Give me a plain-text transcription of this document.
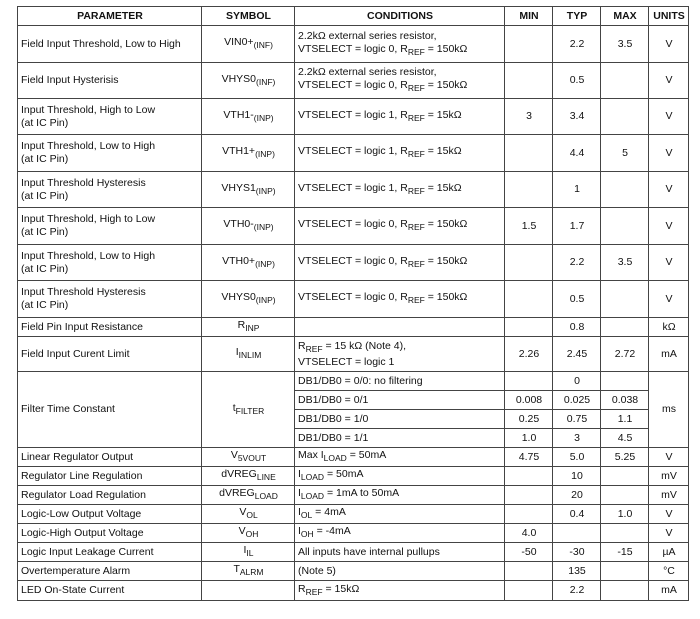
PARAMETER	SYMBOL	CONDITIONS	MIN	TYP	MAX	UNITS
Field Input Threshold, Low to High	$VIN0+_{(INF)}$	2.2kΩ external series resistor,
VTSELECT = logic 0, $R_{REF} = 150k\Omega$		2.2	3.5	V
Field Input Hysterisis	$VHYS0_{(INF)}$	2.2kΩ external series resistor,
VTSELECT = logic 0, $R_{REF} = 150k\Omega$		0.5		V

Input Threshold, High to Low
(at IC Pin)	$VTH1-_{(INP)}$	VTSELECT = logic 1, $R_{REF} = 15k\Omega$	3	3.4		V

Input Threshold, Low to High
(at IC Pin)	$VTH1+_{(INP)}$	VTSELECT = logic 1, $R_{REF} = 15k\Omega$		4.4	5	V

Input Threshold Hysteresis
(at IC Pin)	$VHYS1_{(INP)}$	VTSELECT = logic 1, $R_{REF} = 15k\Omega$		1		V

Input Threshold, High to Low
(at IC Pin)	$VTH0-_{(INP)}$	VTSELECT = logic 0, $R_{REF} = 150k\Omega$	1.5	1.7		V

Input Threshold, Low to High
(at IC Pin)	$VTH0+_{(INP)}$	VTSELECT = logic 0, $R_{REF} = 150k\Omega$		2.2	3.5	V

Input Threshold Hysteresis
(at IC Pin)	$VHYS0_{(INP)}$	VTSELECT = logic 0, $R_{REF} = 150k\Omega$		0.5		V
Field Pin Input Resistance	$R_{INP}$			0.8		kΩ
Field Input Curent Limit	$I_{INLIM}$	$R_{REF} = 15$ kΩ (Note 4),
VTSELECT = logic 1	2.26	2.45	2.72	mA
Filter Time Constant	$t_{FILTER}$	DB1/DB0 = 0/0: no filtering		0		ms
		DB1/DB0 = 0/1	0.008	0.025	0.038	
		DB1/DB0 = 1/0	0.25	0.75	1.1	
		DB1/DB0 = 1/1	1.0	3	4.5	
Linear Regulator Output	$V_{5VOUT}$	Max $I_{LOAD} = 50mA$	4.75	5.0	5.25	V
Regulator Line Regulation	dVREG$_{LINE}$	$I_{LOAD} = 50mA$		10		mV
Regulator Load Regulation	dVREG$_{LOAD}$	$I_{LOAD} = 1mA$ to 50mA		20		mV
Logic-Low Output Voltage	$V_{OL}$	$I_{OL} = 4mA$		0.4	1.0	V
Logic-High Output Voltage	$V_{OH}$	$I_{OH} = -4mA$	4.0			V
Logic Input Leakage Current	$I_{IL}$	All inputs have internal pullups	-50	-30	-15	µA
Overtemperature Alarm	$T_{ALRM}$	(Note 5)		135		°C
LED On-State Current		$R_{REF} = 15k\Omega$		2.2		mA
